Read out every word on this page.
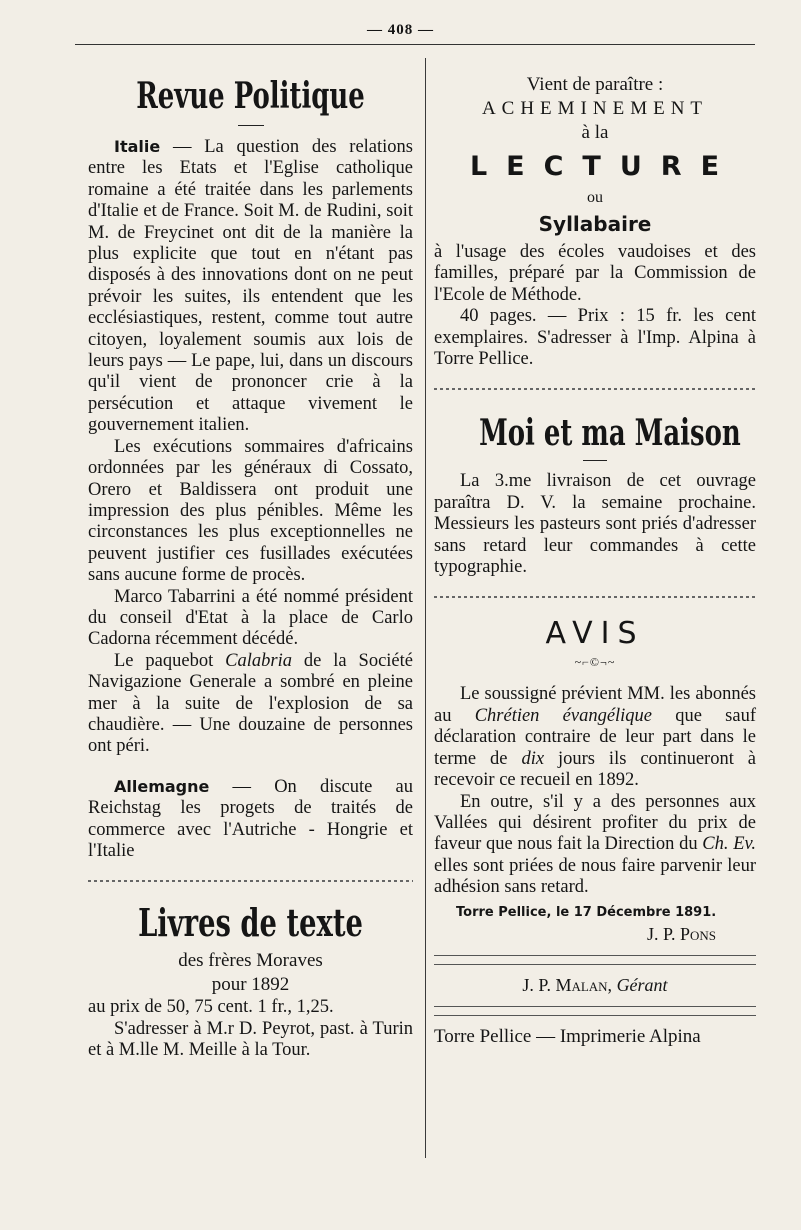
— 408 —
Revue Politique

Italie — La question des relations entre les Etats et l'Eglise catholique romaine a été traitée dans les parlements d'Italie et de France. Soit M. de Rudini, soit M. de Freycinet ont dit de la manière la plus explicite que tout en n'étant pas disposés à des innovations dont on ne peut prévoir les suites, ils entendent que les ecclésiastiques, restent, comme tout autre citoyen, loyalement soumis aux lois de leurs pays — Le pape, lui, dans un discours qu'il vient de prononcer crie à la persécution et attaque vivement le gouvernement italien.

Les exécutions sommaires d'africains ordonnées par les généraux di Cossato, Orero et Baldissera ont produit une impression des plus pénibles. Même les circonstances les plus exceptionnelles ne peuvent justifier ces fusillades exécutées sans aucune forme de procès.

Marco Tabarrini a été nommé président du conseil d'Etat à la place de Carlo Cadorna récemment décédé.

Le paquebot Calabria de la Société Navigazione Generale a sombré en pleine mer à la suite de l'explosion de sa chaudière. — Une douzaine de personnes ont péri.

Allemagne — On discute au Reichstag les progets de traités de commerce avec l'Autriche - Hongrie et l'Italie

Livres de texte

des frères Moraves

pour 1892

au prix de 50, 75 cent. 1 fr., 1,25.

S'adresser à M.r D. Peyrot, past. à Turin et à M.lle M. Meille à la Tour.

Vient de paraître :

ACHEMINEMENT

à la

LECTURE

ou

Syllabaire

à l'usage des écoles vaudoises et des familles, préparé par la Commission de l'Ecole de Méthode.

40 pages. — Prix : 15 fr. les cent exemplaires. S'adresser à l'Imp. Alpina à Torre Pellice.

Moi et ma Maison

La 3.me livraison de cet ouvrage paraîtra D. V. la semaine prochaine. Messieurs les pasteurs sont priés d'adresser sans retard leur commandes à cette typographie.

AVIS
~⌐©¬~

Le soussigné prévient MM. les abonnés au Chrétien évangélique que sauf déclaration contraire de leur part dans le terme de dix jours ils continueront à recevoir ce recueil en 1892.

En outre, s'il y a des personnes aux Vallées qui désirent profiter du prix de faveur que nous fait la Direction du Ch. Ev. elles sont priées de nous faire parvenir leur adhésion sans retard.

Torre Pellice, le 17 Décembre 1891.
J. P. Pons
J. P. Malan, Gérant
Torre Pellice — Imprimerie Alpina
